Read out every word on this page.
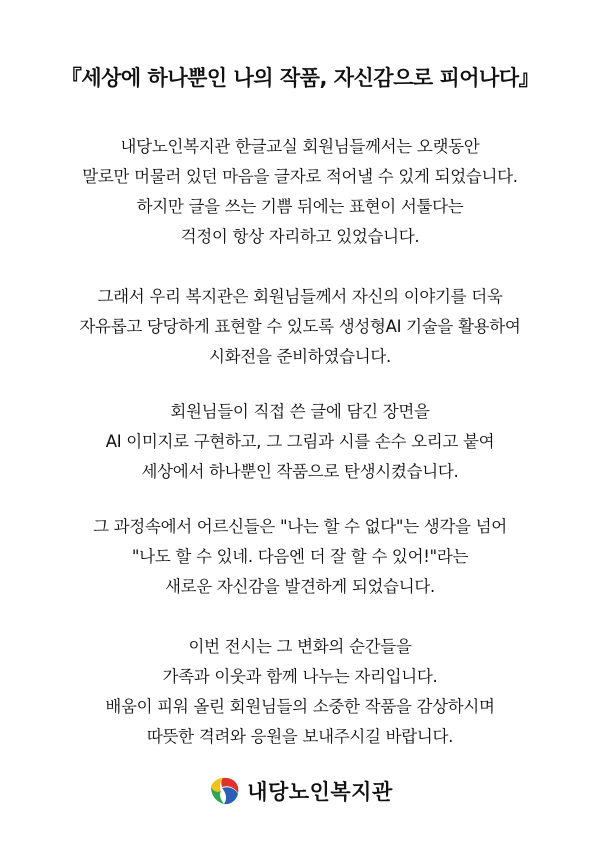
『세상에 하나뿐인 나의 작품, 자신감으로 피어나다』
내당노인복지관 한글교실 회원님들께서는 오랫동안
말로만 머물러 있던 마음을 글자로 적어낼 수 있게 되었습니다.
하지만 글을 쓰는 기쁨 뒤에는 표현이 서툴다는
걱정이 항상 자리하고 있었습니다.
그래서 우리 복지관은 회원님들께서 자신의 이야기를 더욱
자유롭고 당당하게 표현할 수 있도록 생성형AI 기술을 활용하여
시화전을 준비하였습니다.
회원님들이 직접 쓴 글에 담긴 장면을
AI 이미지로 구현하고, 그 그림과 시를 손수 오리고 붙여
세상에서 하나뿐인 작품으로 탄생시켰습니다.
그 과정속에서 어르신들은 "나는 할 수 없다"는 생각을 넘어
"나도 할 수 있네. 다음엔 더 잘 할 수 있어!"라는
새로운 자신감을 발견하게 되었습니다.
이번 전시는 그 변화의 순간들을
가족과 이웃과 함께 나누는 자리입니다.
배움이 피워 올린 회원님들의 소중한 작품을 감상하시며
따뜻한 격려와 응원을 보내주시길 바랍니다.
내당노인복지관
